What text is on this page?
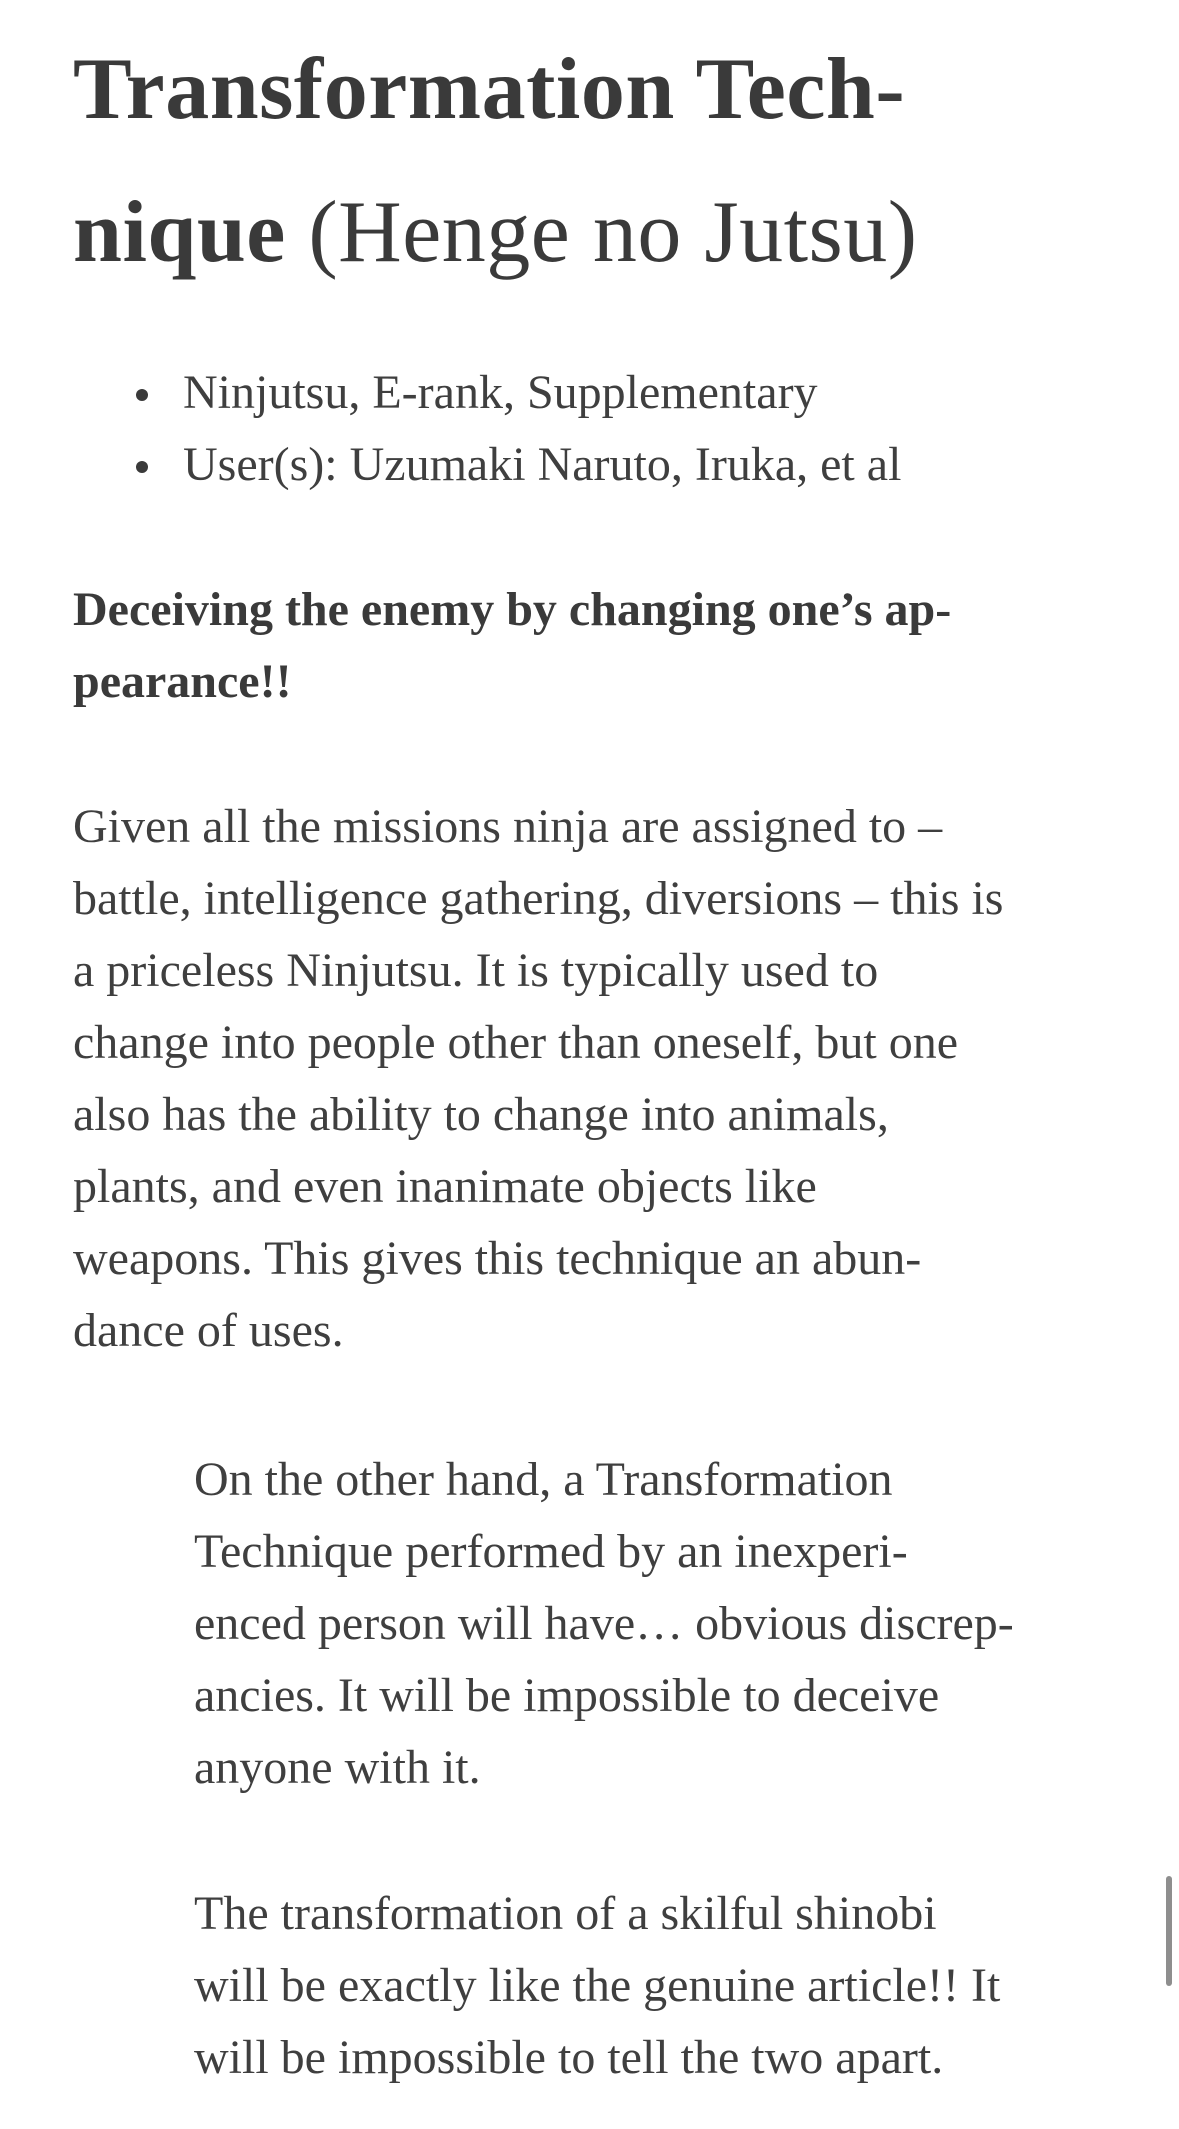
Transformation Tech-
nique (Henge no Jutsu)
Ninjutsu, E-rank, Supplementary
User(s): Uzumaki Naruto, Iruka, et al

Deceiving the enemy by changing one’s ap-
pearance!!

Given all the missions ninja are assigned to –
battle, intelligence gathering, diversions – this is
a priceless Ninjutsu. It is typically used to
change into people other than oneself, but one
also has the ability to change into animals,
plants, and even inanimate objects like
weapons. This gives this technique an abun-
dance of uses.

On the other hand, a Transformation
Technique performed by an inexperi-
enced person will have… obvious discrep-
ancies. It will be impossible to deceive
anyone with it.
The transformation of a skilful shinobi
will be exactly like the genuine article!! It
will be impossible to tell the two apart.
